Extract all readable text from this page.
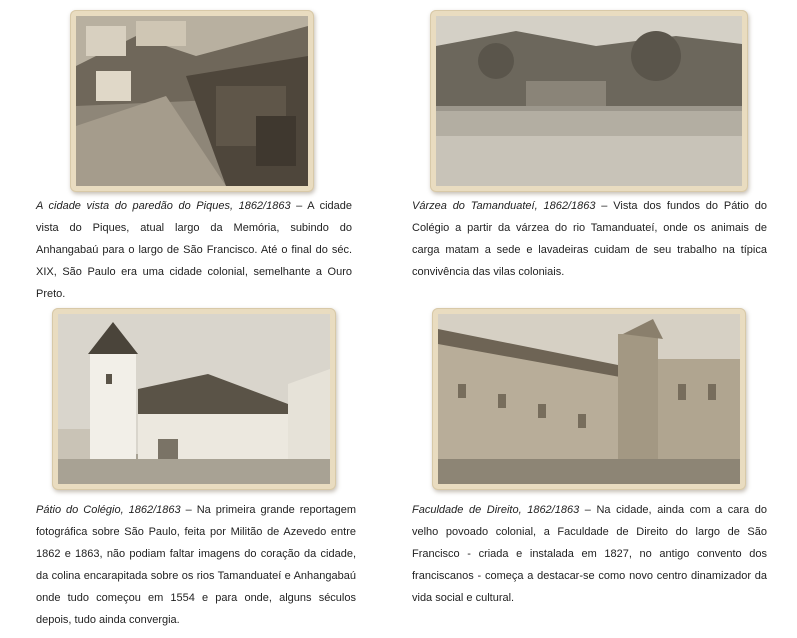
A cidade vista do paredão do Piques, 1862/1863 – A cidade vista do Piques, atual largo da Memória, subindo do Anhangabaú para o largo de São Francisco. Até o final do séc. XIX, São Paulo era uma cidade colonial, semelhante a Ouro Preto.
Várzea do Tamanduateí, 1862/1863 – Vista dos fundos do Pátio do Colégio a partir da várzea do rio Tamanduateí, onde os animais de carga matam a sede e lavadeiras cuidam de seu trabalho na típica convivência das vilas coloniais.
Pátio do Colégio, 1862/1863 – Na primeira grande reportagem fotográfica sobre São Paulo, feita por Militão de Azevedo entre 1862 e 1863, não podiam faltar imagens do coração da cidade, da colina encarapitada sobre os rios Tamanduateí e Anhangabaú onde tudo começou em 1554 e para onde, alguns séculos depois, tudo ainda convergia.
Faculdade de Direito, 1862/1863 – Na cidade, ainda com a cara do velho povoado colonial, a Faculdade de Direito do largo de São Francisco - criada e instalada em 1827, no antigo convento dos franciscanos - começa a destacar-se como novo centro dinamizador da vida social e cultural.
